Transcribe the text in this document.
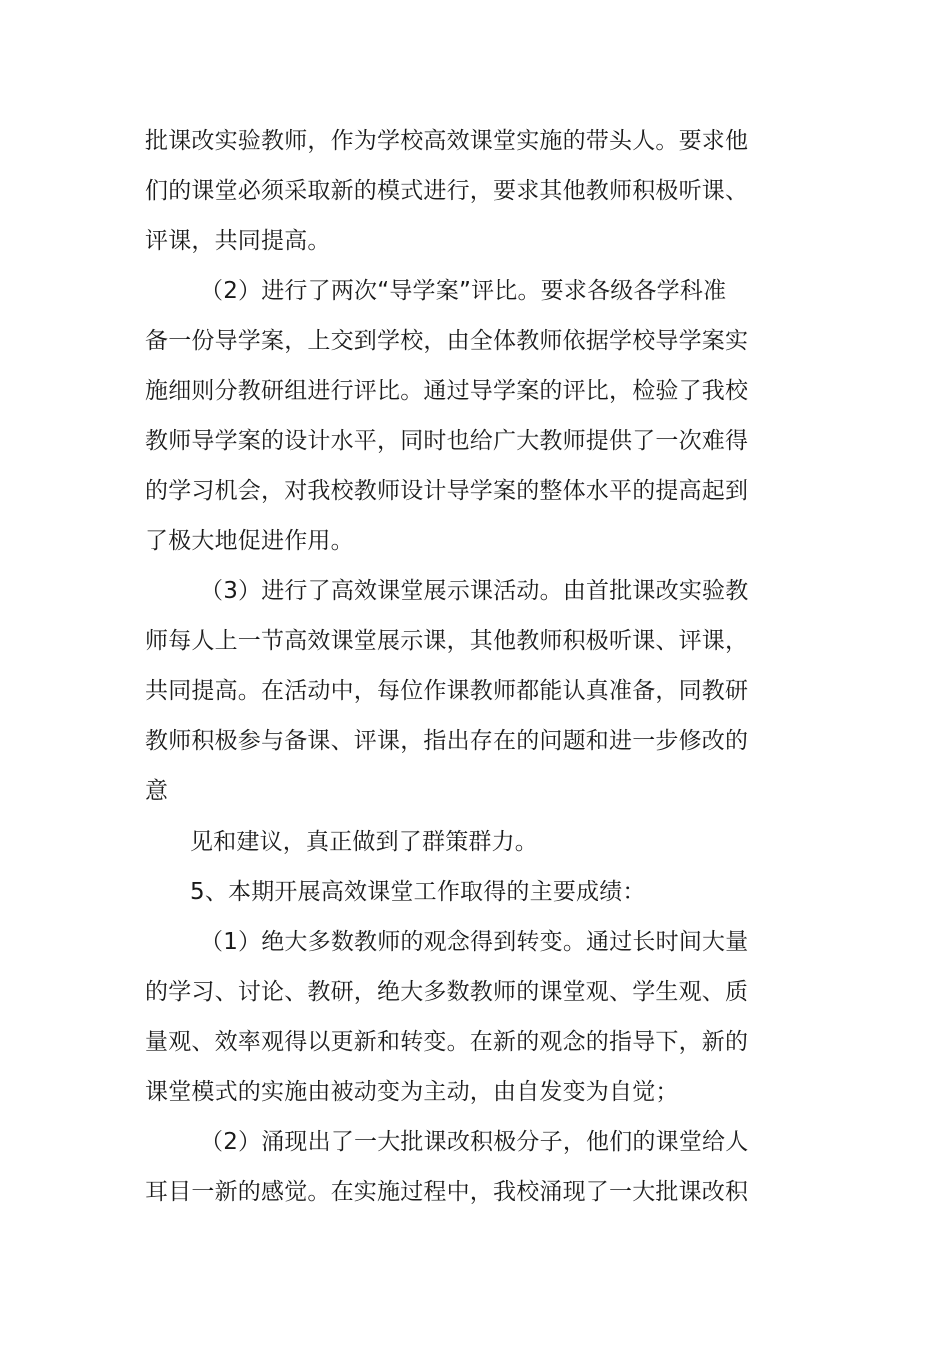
批课改实验教师，作为学校高效课堂实施的带头人。要求他
们的课堂必须采取新的模式进行，要求其他教师积极听课、
评课，共同提高。
（2）进行了两次“导学案”评比。要求各级各学科准
备一份导学案，上交到学校，由全体教师依据学校导学案实
施细则分教研组进行评比。通过导学案的评比，检验了我校
教师导学案的设计水平，同时也给广大教师提供了一次难得
的学习机会，对我校教师设计导学案的整体水平的提高起到
了极大地促进作用。
（3）进行了高效课堂展示课活动。由首批课改实验教
师每人上一节高效课堂展示课，其他教师积极听课、评课，
共同提高。在活动中，每位作课教师都能认真准备，同教研
教师积极参与备课、评课，指出存在的问题和进一步修改的
意
见和建议，真正做到了群策群力。
5、本期开展高效课堂工作取得的主要成绩：
（1）绝大多数教师的观念得到转变。通过长时间大量
的学习、讨论、教研，绝大多数教师的课堂观、学生观、质
量观、效率观得以更新和转变。在新的观念的指导下，新的
课堂模式的实施由被动变为主动，由自发变为自觉；
（2）涌现出了一大批课改积极分子，他们的课堂给人
耳目一新的感觉。在实施过程中，我校涌现了一大批课改积
